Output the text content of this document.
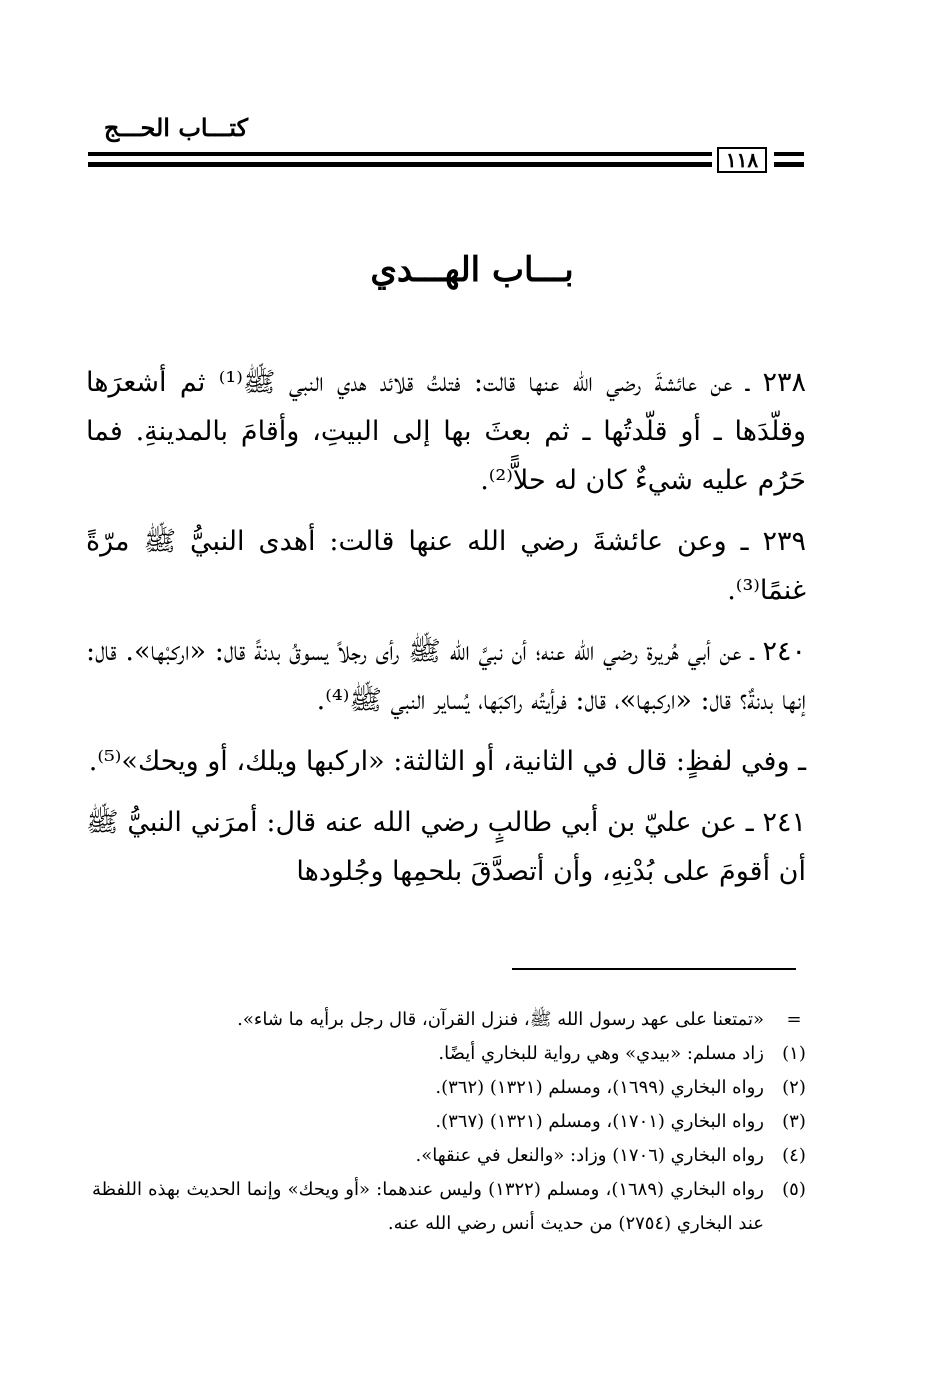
كتـــاب الحـــج
١١٨
بـــاب الهـــدي

٢٣٨ ـ عن عائشةَ رضي الله عنها قالت: فتلتُ قلائد هدي النبي ﷺ⁽¹⁾ ثم أشعرَها وقلّدَها ـ أو قلّدتُها ـ ثم بعثَ بها إلى البيتِ، وأقامَ بالمدينةِ. فما حَرُم عليه شيءٌ كان له حلاًّ⁽²⁾.

٢٣٩ ـ وعن عائشةَ رضي الله عنها قالت: أهدى النبيُّ ﷺ مرّةً غنمًا⁽³⁾.

٢٤٠ ـ عن أبي هُريرة رضي الله عنه؛ أن نبيَّ الله ﷺ رأى رجلاً يسوقُ بدنةً قال: «اركبْها». قال: إنها بدنةٌ؟ قال: «اركبها»، قال: فرأيتُه راكبَها، يُساير النبي ﷺ⁽⁴⁾.

ـ وفي لفظٍ: قال في الثانية، أو الثالثة: «اركبها ويلك، أو ويحك»⁽⁵⁾.

٢٤١ ـ عن عليّ بن أبي طالبٍ رضي الله عنه قال: أمرَني النبيُّ ﷺ أن أقومَ على بُدْنِهِ، وأن أتصدَّقَ بلحمِها وجُلودها

=
«تمتعنا على عهد رسول الله ﷺ، فنزل القرآن، قال رجل برأيه ما شاء».
(١)
زاد مسلم: «بيدي» وهي رواية للبخاري أيضًا.
(٢)
رواه البخاري (١٦٩٩)، ومسلم (١٣٢١) (٣٦٢).
(٣)
رواه البخاري (١٧٠١)، ومسلم (١٣٢١) (٣٦٧).
(٤)
رواه البخاري (١٧٠٦) وزاد: «والنعل في عنقها».
(٥)
رواه البخاري (١٦٨٩)، ومسلم (١٣٢٢) وليس عندهما: «أو ويحك» وإنما الحديث بهذه اللفظة عند البخاري (٢٧٥٤) من حديث أنس رضي الله عنه.
